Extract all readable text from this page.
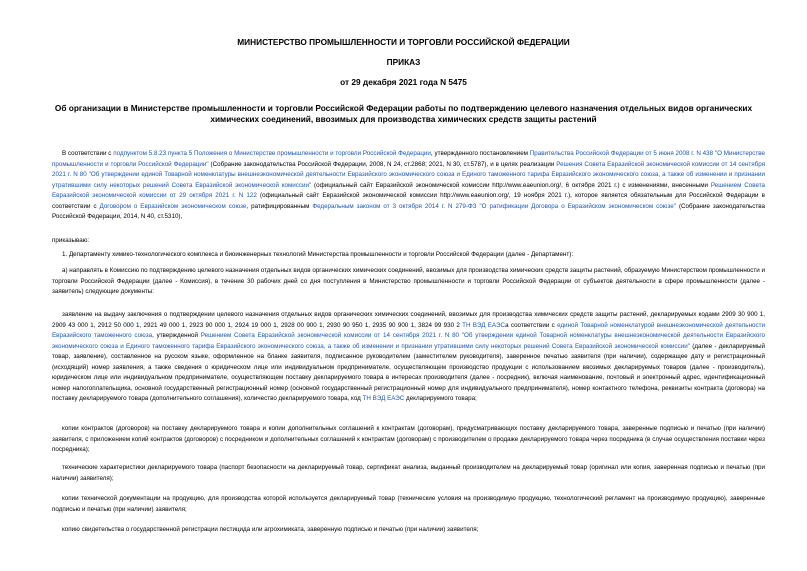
МИНИСТЕРСТВО ПРОМЫШЛЕННОСТИ И ТОРГОВЛИ РОССИЙСКОЙ ФЕДЕРАЦИИ
ПРИКАЗ
от 29 декабря 2021 года N 5475
Об организации в Министерстве промышленности и торговли Российской Федерации работы по подтверждению целевого назначения отдельных видов органических химических соединений, ввозимых для производства химических средств защиты растений

В соответствии с подпунктом 5.8.23 пункта 5 Положения о Министерстве промышленности и торговли Российской Федерации, утвержденного постановлением Правительства Российской Федерации от 5 июня 2008 г. N 438 "О Министерстве промышленности и торговли Российской Федерации" (Собрание законодательства Российской Федерации, 2008, N 24, ст.2868; 2021, N 30, ст.5787), и в целях реализации Решения Совета Евразийской экономической комиссии от 14 сентября 2021 г. N 80 "Об утверждении единой Товарной номенклатуры внешнеэкономической деятельности Евразийского экономического союза и Единого таможенного тарифа Евразийского экономического союза, а также об изменении и признании утратившими силу некоторых решений Совета Евразийской экономической комиссии" (официальный сайт Евразийской экономической комиссии http://www.eaeunion.org/, 6 октября 2021 г.) с изменениями, внесенными Решением Совета Евразийской экономической комиссии от 29 октября 2021 г. N 122 (официальный сайт Евразийской экономической комиссии http://www.eaeunion.org/, 19 ноября 2021 г.), которое является обязательным для Российской Федерации в соответствии с Договором о Евразийском экономическом союзе, ратифицированным Федеральным законом от 3 октября 2014 г. N 279-ФЗ "О ратификации Договора о Евразийском экономическом союзе" (Собрание законодательства Российской Федерации, 2014, N 40, ст.5310),

приказываю:

1. Департаменту химико-технологического комплекса и биоинженерных технологий Министерства промышленности и торговли Российской Федерации (далее - Департамент):

а) направлять в Комиссию по подтверждению целевого назначения отдельных видов органических химических соединений, ввозимых для производства химических средств защиты растений, образуемую Министерством промышленности и торговли Российской Федерации (далее - Комиссия), в течение 30 рабочих дней со дня поступления в Министерство промышленности и торговли Российской Федерации от субъектов деятельности в сфере промышленности (далее - заявитель) следующие документы:

заявление на выдачу заключения о подтверждении целевого назначения отдельных видов органических химических соединений, ввозимых для производства химических средств защиты растений, декларируемых кодами 2909 30 900 1, 2909 43 000 1, 2912 50 000 1, 2921 49 000 1, 2923 90 000 1, 2924 19 000 1, 2928 00 900 1, 2930 90 950 1, 2935 90 900 1, 3824 99 930 2 ТН ВЭД ЕАЭСа соответствии с единой Товарной номенклатурой внешнеэкономической деятельности Евразийского таможенного союза, утвержденной Решением Совета Евразийской экономической комиссии от 14 сентября 2021 г. N 80 "Об утверждении единой Товарной номенклатуры внешнеэкономической деятельности Евразийского экономического союза и Единого таможенного тарифа Евразийского экономического союза, а также об изменении и признании утратившими силу некоторых решений Совета Евразийской экономической комиссии" (далее - декларируемый товар, заявление), составленное на русском языке, оформленное на бланке заявителя, подписанное руководителем (заместителем руководителя), заверенное печатью заявителя (при наличии), содержащее дату и регистрационный (исходящий) номер заявления, а также сведения о юридическом лице или индивидуальном предпринимателе, осуществляющем производство продукции с использованием ввозимых декларируемых товаров (далее - производитель), юридическом лице или индивидуальном предпринимателе, осуществляющем поставку декларируемого товара в интересах производителя (далее - посредник), включая наименование, почтовый и электронный адрес, идентификационный номер налогоплательщика, основной государственный регистрационный номер (основной государственный регистрационный номер для индивидуального предпринимателя), номер контактного телефона, реквизиты контракта (договора) на поставку декларируемого товара (дополнительного соглашения), количество декларируемого товара, код ТН ВЭД ЕАЭС декларируемого товара;

копии контрактов (договоров) на поставку декларируемого товара и копии дополнительных соглашений к контрактам (договорам), предусматривающих поставку декларируемого товара, заверенные подписью и печатью (при наличии) заявителя, с приложением копий контрактов (договоров) с посредником и дополнительных соглашений к контрактам (договорам) с производителем о продаже декларируемого товара через посредника (в случае осуществления поставки через посредника);

технические характеристики декларируемого товара (паспорт безопасности на декларируемый товар, сертификат анализа, выданный производителем на декларируемый товар (оригинал или копия, заверенная подписью и печатью (при наличии) заявителя);

копии технической документации на продукцию, для производства которой используется декларируемый товар (технические условия на производимую продукцию, технологический регламент на производимую продукцию), заверенные подписью и печатью (при наличии) заявителя;

копию свидетельства о государственной регистрации пестицида или агрохимиката, заверенную подписью и печатью (при наличии) заявителя;
